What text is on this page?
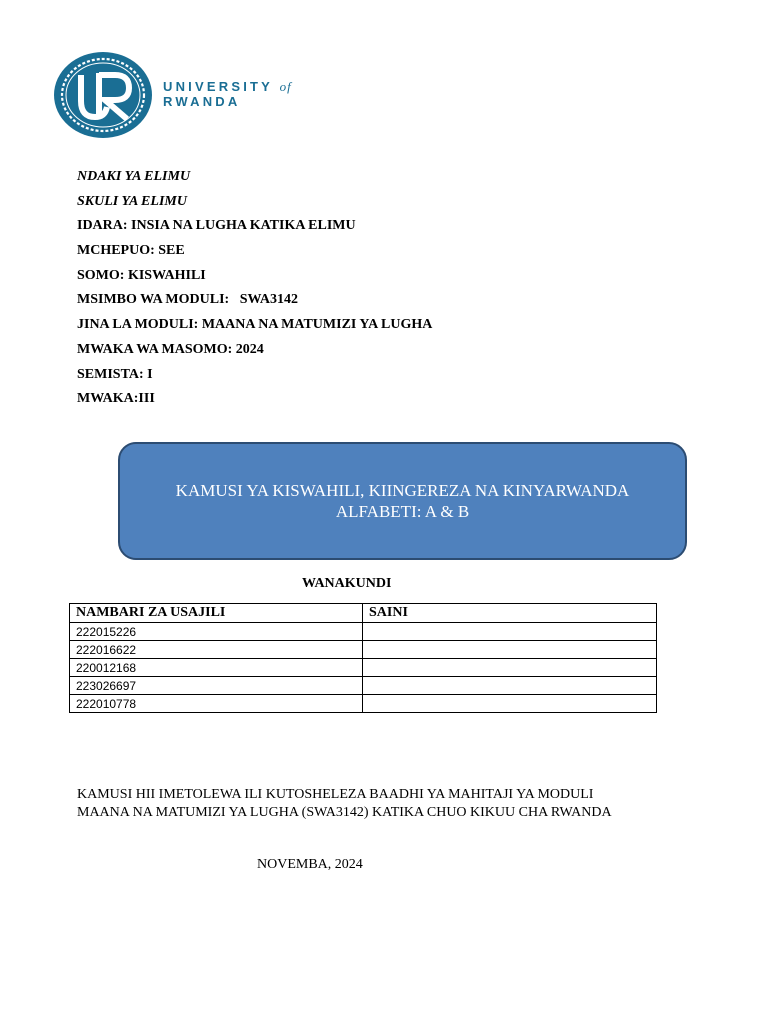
UNIVERSITY of
RWANDA
NDAKI YA ELIMU
SKULI YA ELIMU
IDARA: INSIA NA LUGHA KATIKA ELIMU
MCHEPUO: SEE
SOMO: KISWAHILI
MSIMBO WA MODULI:   SWA3142
JINA LA MODULI: MAANA NA MATUMIZI YA LUGHA
MWAKA WA MASOMO: 2024
SEMISTA: I
MWAKA:III
KAMUSI YA KISWAHILI, KIINGEREZA NA KINYARWANDA
ALFABETI: A & B
WANAKUNDI
NAMBARI ZA USAJILI	SAINI
222015226	
222016622	
220012168	
223026697	
222010778	
KAMUSI HII IMETOLEWA ILI KUTOSHELEZA BAADHI YA MAHITAJI YA MODULI
MAANA NA MATUMIZI YA LUGHA (SWA3142) KATIKA CHUO KIKUU CHA RWANDA
NOVEMBA, 2024
